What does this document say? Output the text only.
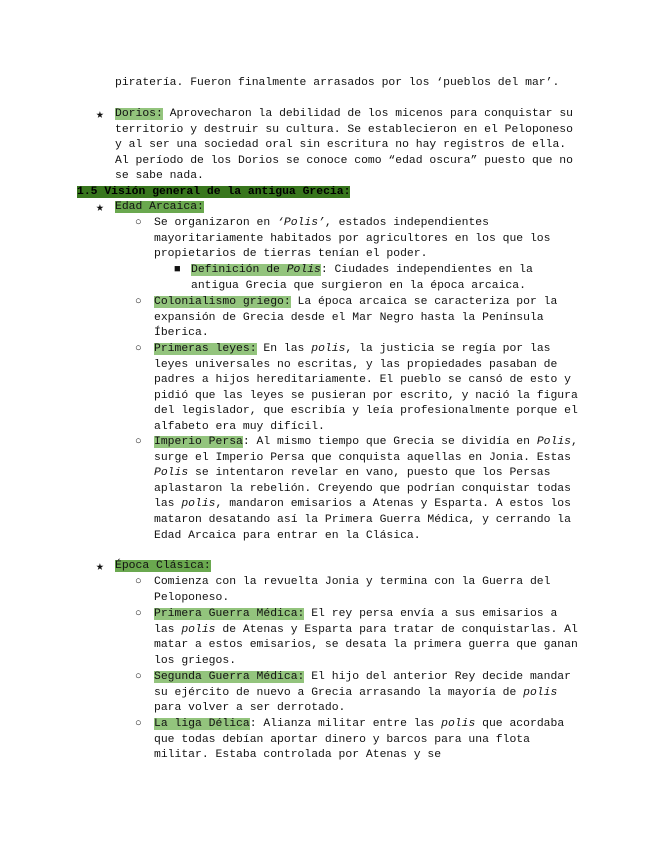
piratería. Fueron finalmente arrasados por los ‘pueblos del mar’.
★ Dorios: Aprovecharon la debilidad de los micenos para conquistar su territorio y destruir su cultura. Se establecieron en el Peloponeso y al ser una sociedad oral sin escritura no hay registros de ella. Al período de los Dorios se conoce como “edad oscura” puesto que no se sabe nada.
1.5 Visión general de la antigua Grecia:
★ Edad Arcaica:
○ Se organizaron en ‘Polis’, estados independientes mayoritariamente habitados por agricultores en los que los propietarios de tierras tenían el poder.
■ Definición de Polis: Ciudades independientes en la antigua Grecia que surgieron en la época arcaica.
○ Colonialismo griego: La época arcaica se caracteriza por la expansión de Grecia desde el Mar Negro hasta la Península Íberica.
○ Primeras leyes: En las polis, la justicia se regía por las leyes universales no escritas, y las propiedades pasaban de padres a hijos hereditariamente. El pueblo se cansó de esto y pidió que las leyes se pusieran por escrito, y nació la figura del legislador, que escribía y leía profesionalmente porque el alfabeto era muy difícil.
○ Imperio Persa: Al mismo tiempo que Grecia se dividía en Polis, surge el Imperio Persa que conquista aquellas en Jonia. Estas Polis se intentaron revelar en vano, puesto que los Persas aplastaron la rebelión. Creyendo que podrían conquistar todas las polis, mandaron emisarios a Atenas y Esparta. A estos los mataron desatando así la Primera Guerra Médica, y cerrando la Edad Arcaica para entrar en la Clásica.
★ Época Clásica:
○ Comienza con la revuelta Jonia y termina con la Guerra del Peloponeso.
○ Primera Guerra Médica: El rey persa envía a sus emisarios a las polis de Atenas y Esparta para tratar de conquistarlas. Al matar a estos emisarios, se desata la primera guerra que ganan los griegos.
○ Segunda Guerra Médica: El hijo del anterior Rey decide mandar su ejército de nuevo a Grecia arrasando la mayoría de polis para volver a ser derrotado.
○ La liga Délica: Alianza militar entre las polis que acordaba que todas debían aportar dinero y barcos para una flota militar. Estaba controlada por Atenas y se
